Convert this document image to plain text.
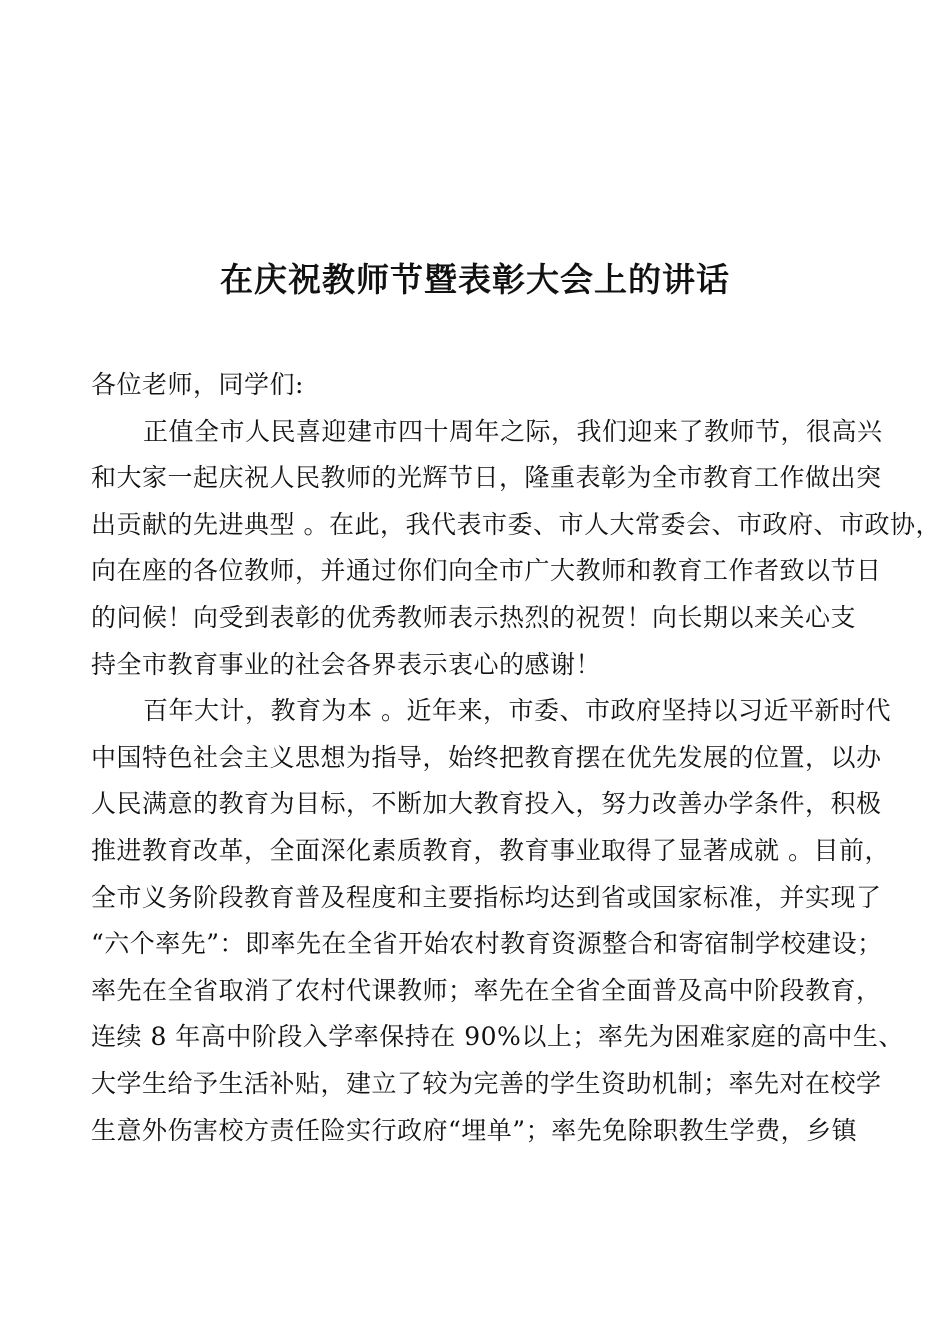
在庆祝教师节暨表彰大会上的讲话
各位老师，同学们:
正值全市人民喜迎建市四十周年之际，我们迎来了教师节，很高兴
和大家一起庆祝人民教师的光辉节日，隆重表彰为全市教育工作做出突
出贡献的先进典型 。在此，我代表市委、市人大常委会、市政府、市政协，
向在座的各位教师，并通过你们向全市广大教师和教育工作者致以节日
的问候！向受到表彰的优秀教师表示热烈的祝贺！向长期以来关心支
持全市教育事业的社会各界表示衷心的感谢！
百年大计，教育为本 。近年来，市委、市政府坚持以习近平新时代
中国特色社会主义思想为指导，始终把教育摆在优先发展的位置，以办
人民满意的教育为目标，不断加大教育投入，努力改善办学条件，积极
推进教育改革，全面深化素质教育，教育事业取得了显著成就 。目前，
全市义务阶段教育普及程度和主要指标均达到省或国家标准，并实现了
“六个率先”：即率先在全省开始农村教育资源整合和寄宿制学校建设；
率先在全省取消了农村代课教师；率先在全省全面普及高中阶段教育，
连续 8 年高中阶段入学率保持在 90%以上；率先为困难家庭的高中生、
大学生给予生活补贴，建立了较为完善的学生资助机制；率先对在校学
生意外伤害校方责任险实行政府“埋单”；率先免除职教生学费，乡镇
